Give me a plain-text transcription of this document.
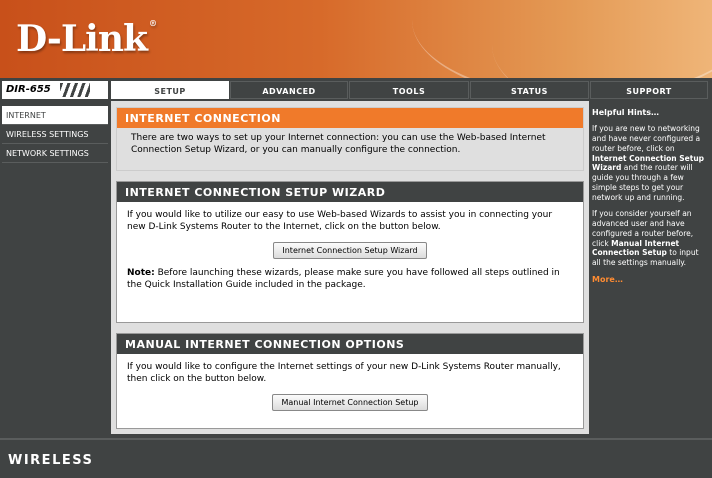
D-Link ®
DIR-655	SETUP	ADVANCED	TOOLS	STATUS	SUPPORT
INTERNET
WIRELESS SETTINGS
NETWORK SETTINGS
INTERNET CONNECTION
There are two ways to set up your Internet connection: you can use the Web-based Internet Connection Setup Wizard, or you can manually configure the connection.
INTERNET CONNECTION SETUP WIZARD
If you would like to utilize our easy to use Web-based Wizards to assist you in connecting your new D-Link Systems Router to the Internet, click on the button below.
Internet Connection Setup Wizard
Note: Before launching these wizards, please make sure you have followed all steps outlined in the Quick Installation Guide included in the package.
MANUAL INTERNET CONNECTION OPTIONS
If you would like to configure the Internet settings of your new D-Link Systems Router manually, then click on the button below.
Manual Internet Connection Setup
Helpful Hints…

If you are new to networking and have never configured a router before, click on Internet Connection Setup Wizard and the router will guide you through a few simple steps to get your network up and running.

If you consider yourself an advanced user and have configured a router before, click Manual Internet Connection Setup to input all the settings manually.

More…
WIRELESS
